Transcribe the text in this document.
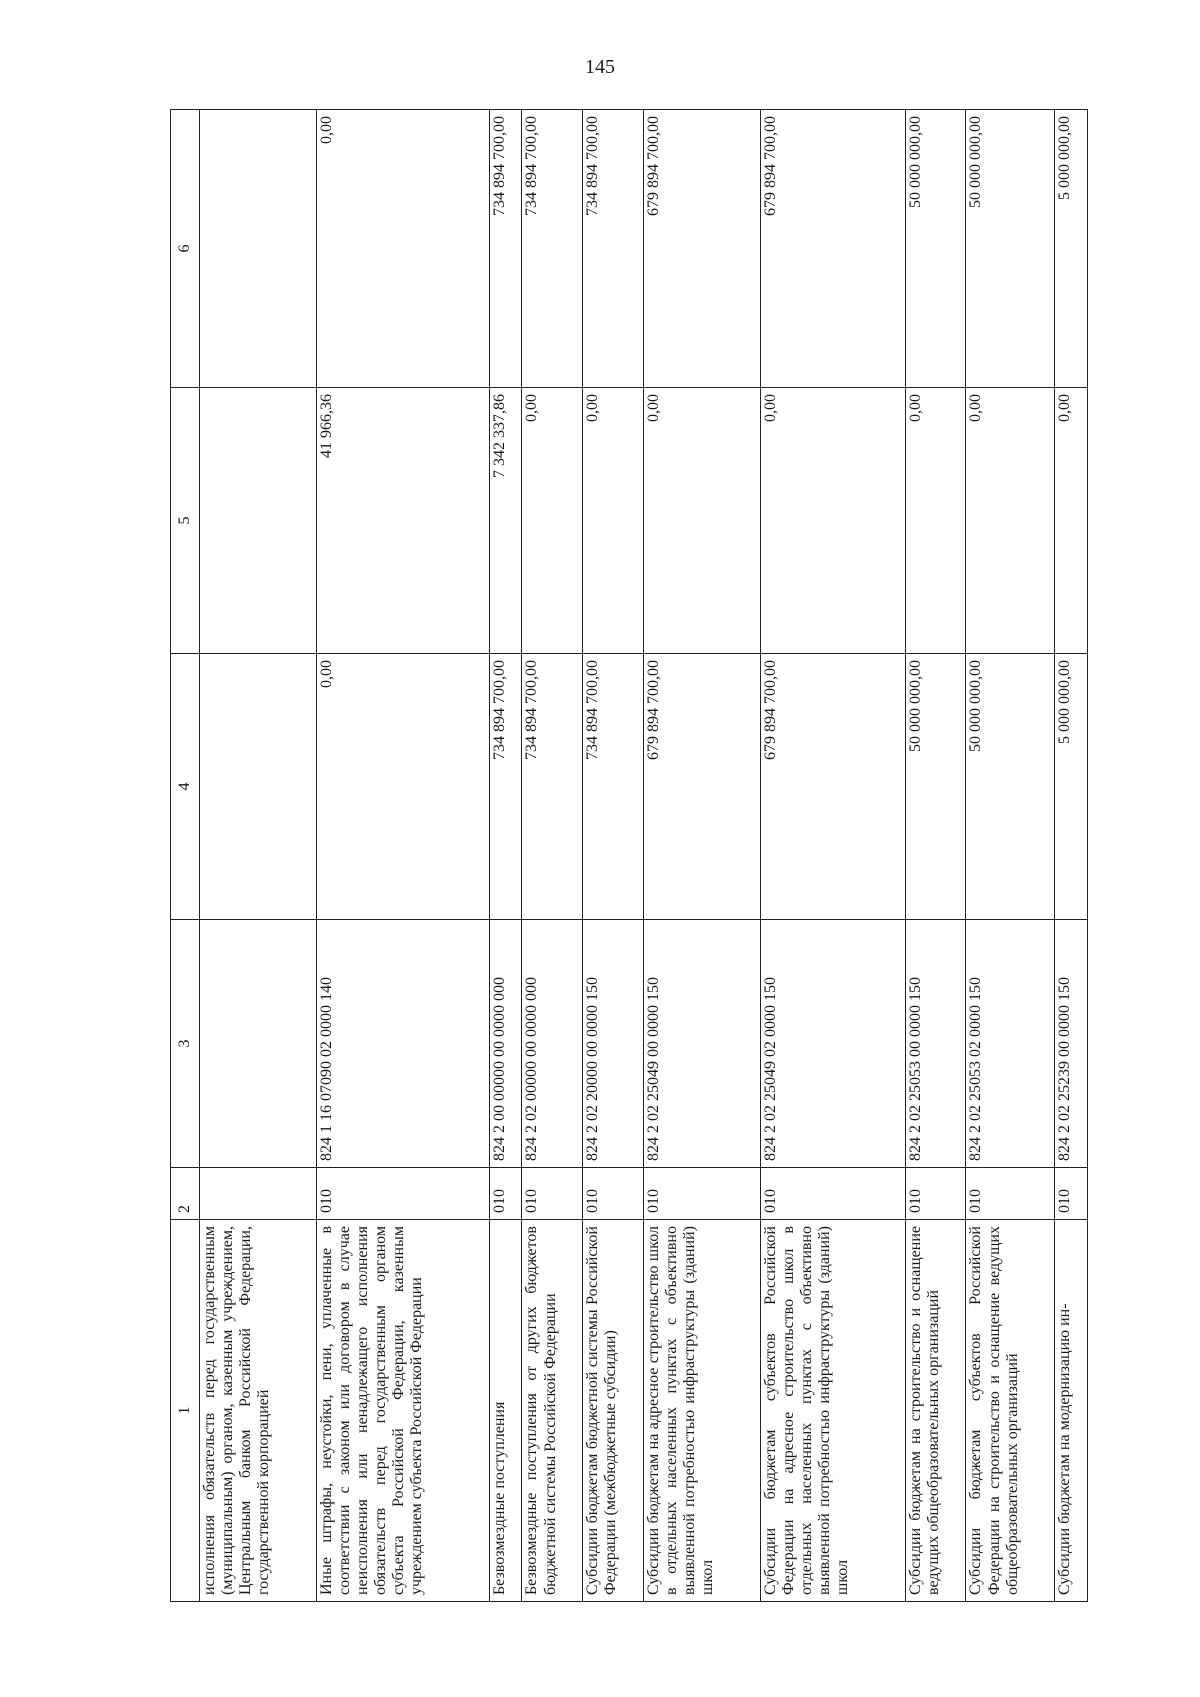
145
1	2	3	4	5	6
исполнения обязательств перед государственным (муниципальным) органом, казенным учреждением, Центральным банком Российской Федерации, государственной корпорацией					
Иные штрафы, неустойки, пени, уплаченные в соответствии с законом или договором в случае неисполнения или ненадлежащего исполнения обязательств перед государственным органом субъекта Российской Федерации, казенным учреждением субъекта Российской Федерации	010	824 1 16 07090 02 0000 140	0,00	41 966,36	0,00
Безвозмездные поступления	010	824 2 00 00000 00 0000 000	734 894 700,00	7 342 337,86	734 894 700,00
Безвозмездные поступления от других бюджетов бюджетной системы Российской Федерации	010	824 2 02 00000 00 0000 000	734 894 700,00	0,00	734 894 700,00
Субсидии бюджетам бюджетной системы Российской Федерации (межбюджетные субсидии)	010	824 2 02 20000 00 0000 150	734 894 700,00	0,00	734 894 700,00
Субсидии бюджетам на адресное строительство школ в отдельных населенных пунктах с объективно выявленной потребностью инфраструктуры (зданий) школ	010	824 2 02 25049 00 0000 150	679 894 700,00	0,00	679 894 700,00
Субсидии бюджетам субъектов Российской Федерации на адресное строительство школ в отдельных населенных пунктах с объективно выявленной потребностью инфраструктуры (зданий) школ	010	824 2 02 25049 02 0000 150	679 894 700,00	0,00	679 894 700,00
Субсидии бюджетам на строительство и оснащение ведущих общеобразовательных организаций	010	824 2 02 25053 00 0000 150	50 000 000,00	0,00	50 000 000,00
Субсидии бюджетам субъектов Российской Федерации на строительство и оснащение ведущих общеобразовательных организаций	010	824 2 02 25053 02 0000 150	50 000 000,00	0,00	50 000 000,00
Субсидии бюджетам на модернизацию ин-	010	824 2 02 25239 00 0000 150	5 000 000,00	0,00	5 000 000,00
